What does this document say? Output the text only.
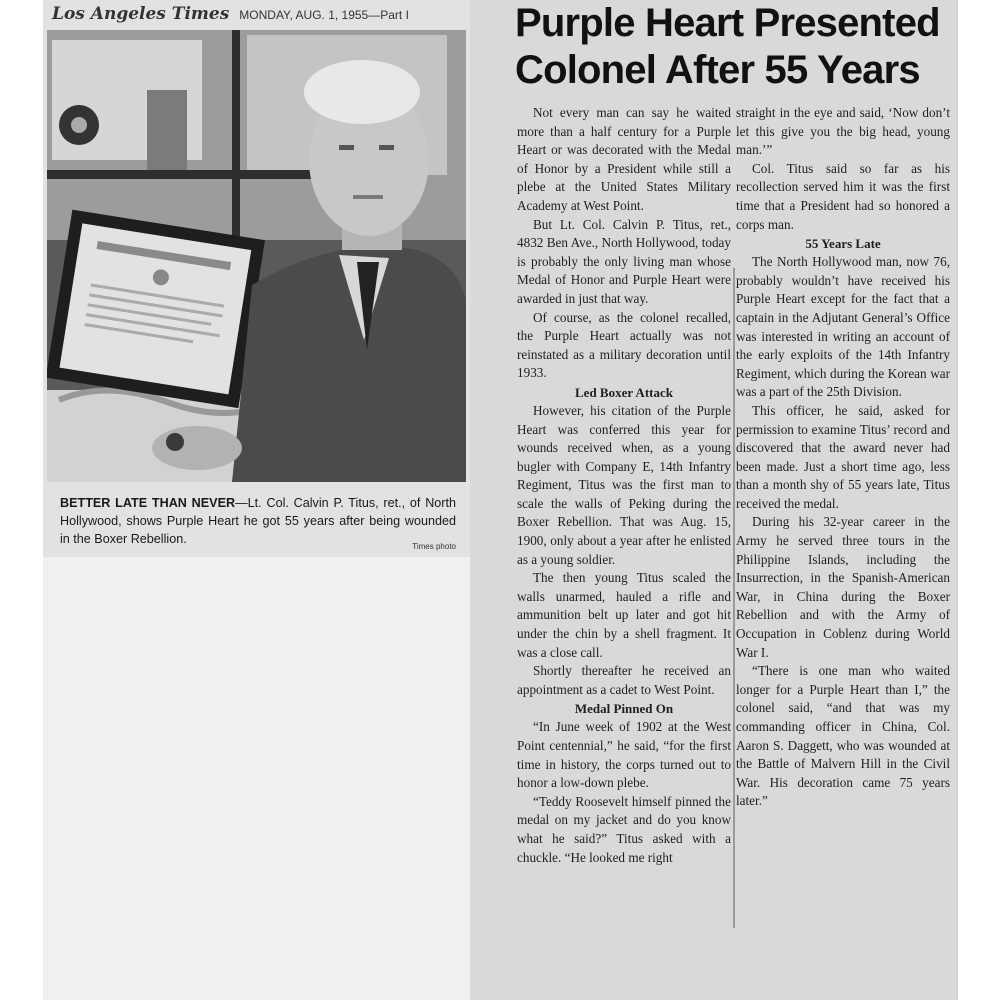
Los Angeles Times MONDAY, AUG. 1, 1955—Part I
BETTER LATE THAN NEVER—Lt. Col. Calvin P. Titus, ret., of North Hollywood, shows Purple Heart he got 55 years after being wounded in the Boxer Rebellion.
Times photo
Purple Heart Presented
Colonel After 55 Years

Not every man can say he waited more than a half century for a Purple Heart or was decorated with the Medal of Honor by a President while still a plebe at the United States Military Academy at West Point.

But Lt. Col. Calvin P. Titus, ret., 4832 Ben Ave., North Hollywood, today is probably the only living man whose Medal of Honor and Purple Heart were awarded in just that way.

Of course, as the colonel recalled, the Purple Heart actually was not reinstated as a military decoration until 1933.

Led Boxer Attack

However, his citation of the Purple Heart was conferred this year for wounds received when, as a young bugler with Company E, 14th Infantry Regiment, Titus was the first man to scale the walls of Peking during the Boxer Rebellion. That was Aug. 15, 1900, only about a year after he enlisted as a young soldier.

The then young Titus scaled the walls unarmed, hauled a rifle and ammunition belt up later and got hit under the chin by a shell fragment. It was a close call.

Shortly thereafter he received an appointment as a cadet to West Point.

Medal Pinned On

“In June week of 1902 at the West Point centennial,” he said, “for the first time in history, the corps turned out to honor a low-down plebe.

“Teddy Roosevelt himself pinned the medal on my jacket and do you know what he said?” Titus asked with a chuckle. “He looked me right

straight in the eye and said, ‘Now don’t let this give you the big head, young man.’”

Col. Titus said so far as his recollection served him it was the first time that a President had so honored a corps man.

55 Years Late

The North Hollywood man, now 76, probably wouldn’t have received his Purple Heart except for the fact that a captain in the Adjutant General’s Office was interested in writing an account of the early exploits of the 14th Infantry Regiment, which during the Korean war was a part of the 25th Division.

This officer, he said, asked for permission to examine Titus’ record and discovered that the award never had been made. Just a short time ago, less than a month shy of 55 years late, Titus received the medal.

During his 32-year career in the Army he served three tours in the Philippine Islands, including the Insurrection, in the Spanish-American War, in China during the Boxer Rebellion and with the Army of Occupation in Coblenz during World War I.

“There is one man who waited longer for a Purple Heart than I,” the colonel said, “and that was my commanding officer in China, Col. Aaron S. Daggett, who was wounded at the Battle of Malvern Hill in the Civil War. His decoration came 75 years later.”
